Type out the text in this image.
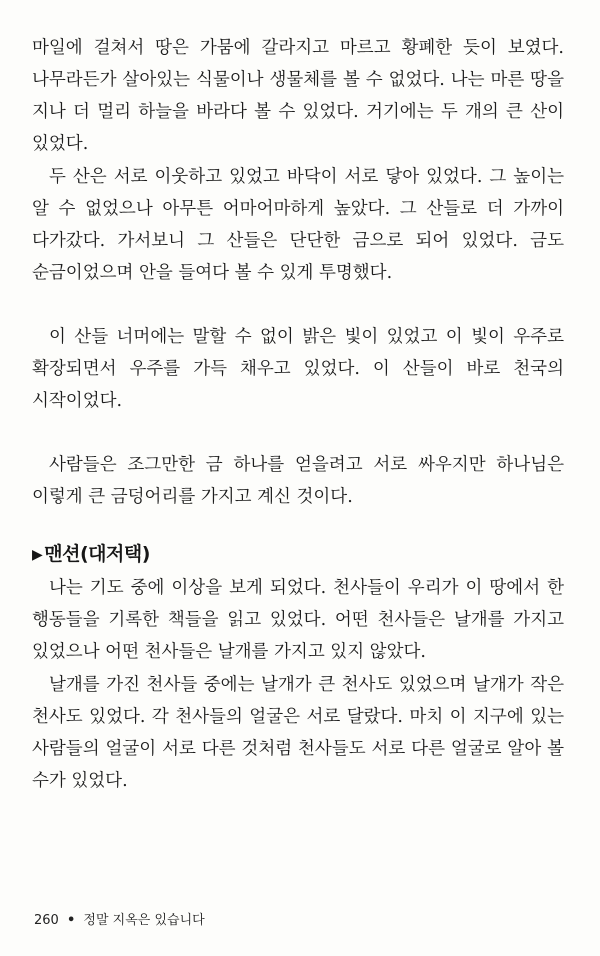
마일에 걸쳐서 땅은 가뭄에 갈라지고 마르고 황폐한 듯이 보였다. 나무라든가 살아있는 식물이나 생물체를 볼 수 없었다. 나는 마른 땅을 지나 더 멀리 하늘을 바라다 볼 수 있었다. 거기에는 두 개의 큰 산이 있었다.

두 산은 서로 이웃하고 있었고 바닥이 서로 닿아 있었다. 그 높이는 알 수 없었으나 아무튼 어마어마하게 높았다. 그 산들로 더 가까이 다가갔다. 가서보니 그 산들은 단단한 금으로 되어 있었다. 금도 순금이었으며 안을 들여다 볼 수 있게 투명했다.

이 산들 너머에는 말할 수 없이 밝은 빛이 있었고 이 빛이 우주로 확장되면서 우주를 가득 채우고 있었다. 이 산들이 바로 천국의 시작이었다.

사람들은 조그만한 금 하나를 얻을려고 서로 싸우지만 하나님은 이렇게 큰 금덩어리를 가지고 계신 것이다.

▶ 맨션(대저택)

나는 기도 중에 이상을 보게 되었다. 천사들이 우리가 이 땅에서 한 행동들을 기록한 책들을 읽고 있었다. 어떤 천사들은 날개를 가지고 있었으나 어떤 천사들은 날개를 가지고 있지 않았다.

날개를 가진 천사들 중에는 날개가 큰 천사도 있었으며 날개가 작은 천사도 있었다. 각 천사들의 얼굴은 서로 달랐다. 마치 이 지구에 있는 사람들의 얼굴이 서로 다른 것처럼 천사들도 서로 다른 얼굴로 알아 볼 수가 있었다.

260 • 정말 지옥은 있습니다
